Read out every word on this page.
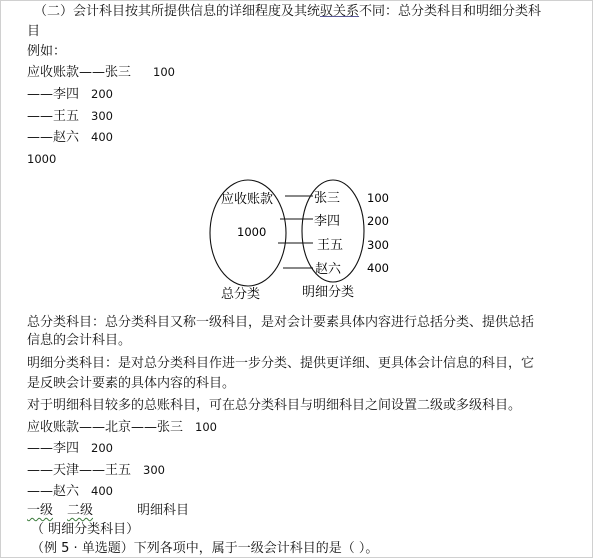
（二）会计科目按其所提供信息的详细程度及其统驭关系不同：总分类科目和明细分类科
目
例如：
应收账款——张三 100
——李四 200
——王五 300
——赵六 400
1000
应收账款
1000
张三
李四
王五
赵六
100
200
300
400
总分类	明细分类
总分类科目：总分类科目又称一级科目，是对会计要素具体内容进行总括分类、提供总括
信息的会计科目。
明细分类科目：是对总分类科目作进一步分类、提供更详细、更具体会计信息的科目，它
是反映会计要素的具体内容的科目。
对于明细科目较多的总账科目，可在总分类科目与明细科目之间设置二级或多级科目。
应收账款——北京——张三 100
——李四 200
——天津——王五 300
——赵六 400
一级 二级	明细科目
（ 明细分类科目）
（例 5 · 单选题）下列各项中，属于一级会计科目的是（ ）。
